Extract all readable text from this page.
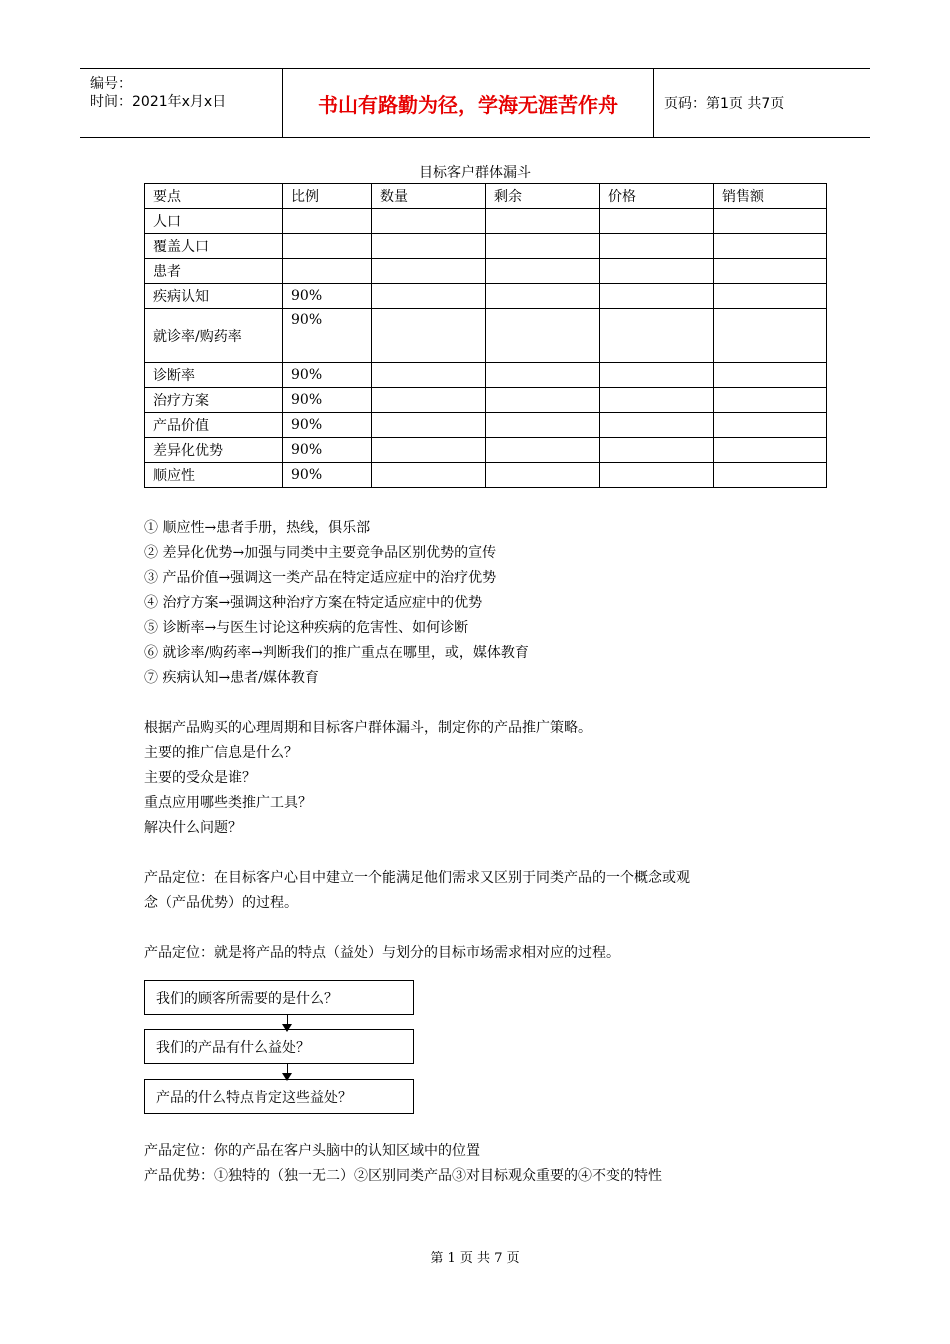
编号：
时间：2021年x月x日	书山有路勤为径，学海无涯苦作舟	页码：第1页 共7页
目标客户群体漏斗
要点	比例	数量	剩余	价格	销售额
人口					
覆盖人口					
患者					
疾病认知	90%				
就诊率/购药率	90%				
诊断率	90%				
治疗方案	90%				
产品价值	90%				
差异化优势	90%				
顺应性	90%				
① 顺应性→患者手册，热线，俱乐部
② 差异化优势→加强与同类中主要竞争品区别优势的宣传
③ 产品价值→强调这一类产品在特定适应症中的治疗优势
④ 治疗方案→强调这种治疗方案在特定适应症中的优势
⑤ 诊断率→与医生讨论这种疾病的危害性、如何诊断
⑥ 就诊率/购药率→判断我们的推广重点在哪里，或，媒体教育
⑦ 疾病认知→患者/媒体教育
根据产品购买的心理周期和目标客户群体漏斗，制定你的产品推广策略。
主要的推广信息是什么？
主要的受众是谁？
重点应用哪些类推广工具？
解决什么问题？
产品定位：在目标客户心目中建立一个能满足他们需求又区别于同类产品的一个概念或观
念（产品优势）的过程。
产品定位：就是将产品的特点（益处）与划分的目标市场需求相对应的过程。
我们的顾客所需要的是什么？
我们的产品有什么益处？
产品的什么特点肯定这些益处？
产品定位：你的产品在客户头脑中的认知区域中的位置
产品优势：①独特的（独一无二）②区别同类产品③对目标观众重要的④不变的特性
第 1 页 共 7 页
